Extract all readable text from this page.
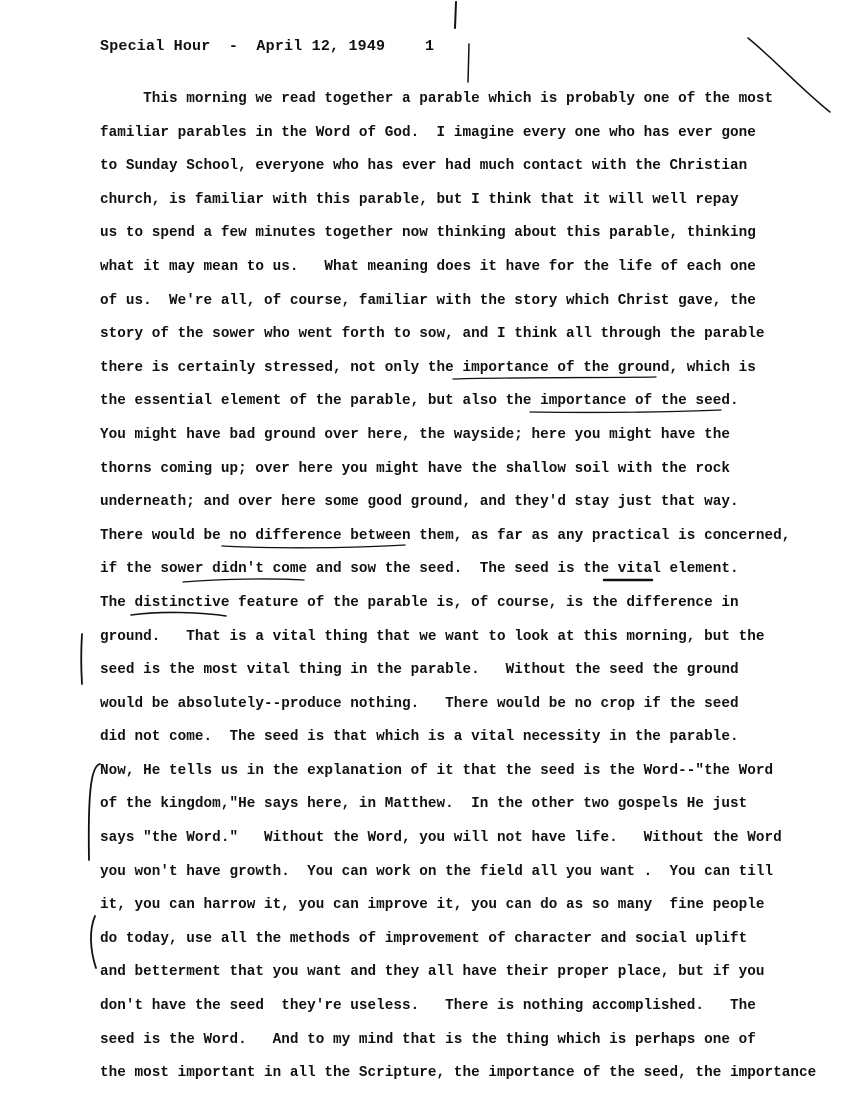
Special Hour  -  April 12, 1949	1
This morning we read together a parable which is probably one of the most
familiar parables in the Word of God.  I imagine every one who has ever gone
to Sunday School, everyone who has ever had much contact with the Christian
church, is familiar with this parable, but I think that it will well repay
us to spend a few minutes together now thinking about this parable, thinking
what it may mean to us.   What meaning does it have for the life of each one
of us.  We're all, of course, familiar with the story which Christ gave, the
story of the sower who went forth to sow, and I think all through the parable
there is certainly stressed, not only the importance of the ground, which is
the essential element of the parable, but also the importance of the seed.
You might have bad ground over here, the wayside; here you might have the
thorns coming up; over here you might have the shallow soil with the rock
underneath; and over here some good ground, and they'd stay just that way.
There would be no difference between them, as far as any practical is concerned,
if the sower didn't come and sow the seed.  The seed is the vital element.
The distinctive feature of the parable is, of course, is the difference in
ground.   That is a vital thing that we want to look at this morning, but the
seed is the most vital thing in the parable.   Without the seed the ground
would be absolutely--produce nothing.   There would be no crop if the seed
did not come.  The seed is that which is a vital necessity in the parable.
Now, He tells us in the explanation of it that the seed is the Word--"the Word
of the kingdom,"He says here, in Matthew.  In the other two gospels He just
says "the Word."   Without the Word, you will not have life.   Without the Word
you won't have growth.  You can work on the field all you want .  You can till
it, you can harrow it, you can improve it, you can do as so many  fine people
do today, use all the methods of improvement of character and social uplift
and betterment that you want and they all have their proper place, but if you
don't have the seed  they're useless.   There is nothing accomplished.   The
seed is the Word.   And to my mind that is the thing which is perhaps one of
the most important in all the Scripture, the importance of the seed, the importance
